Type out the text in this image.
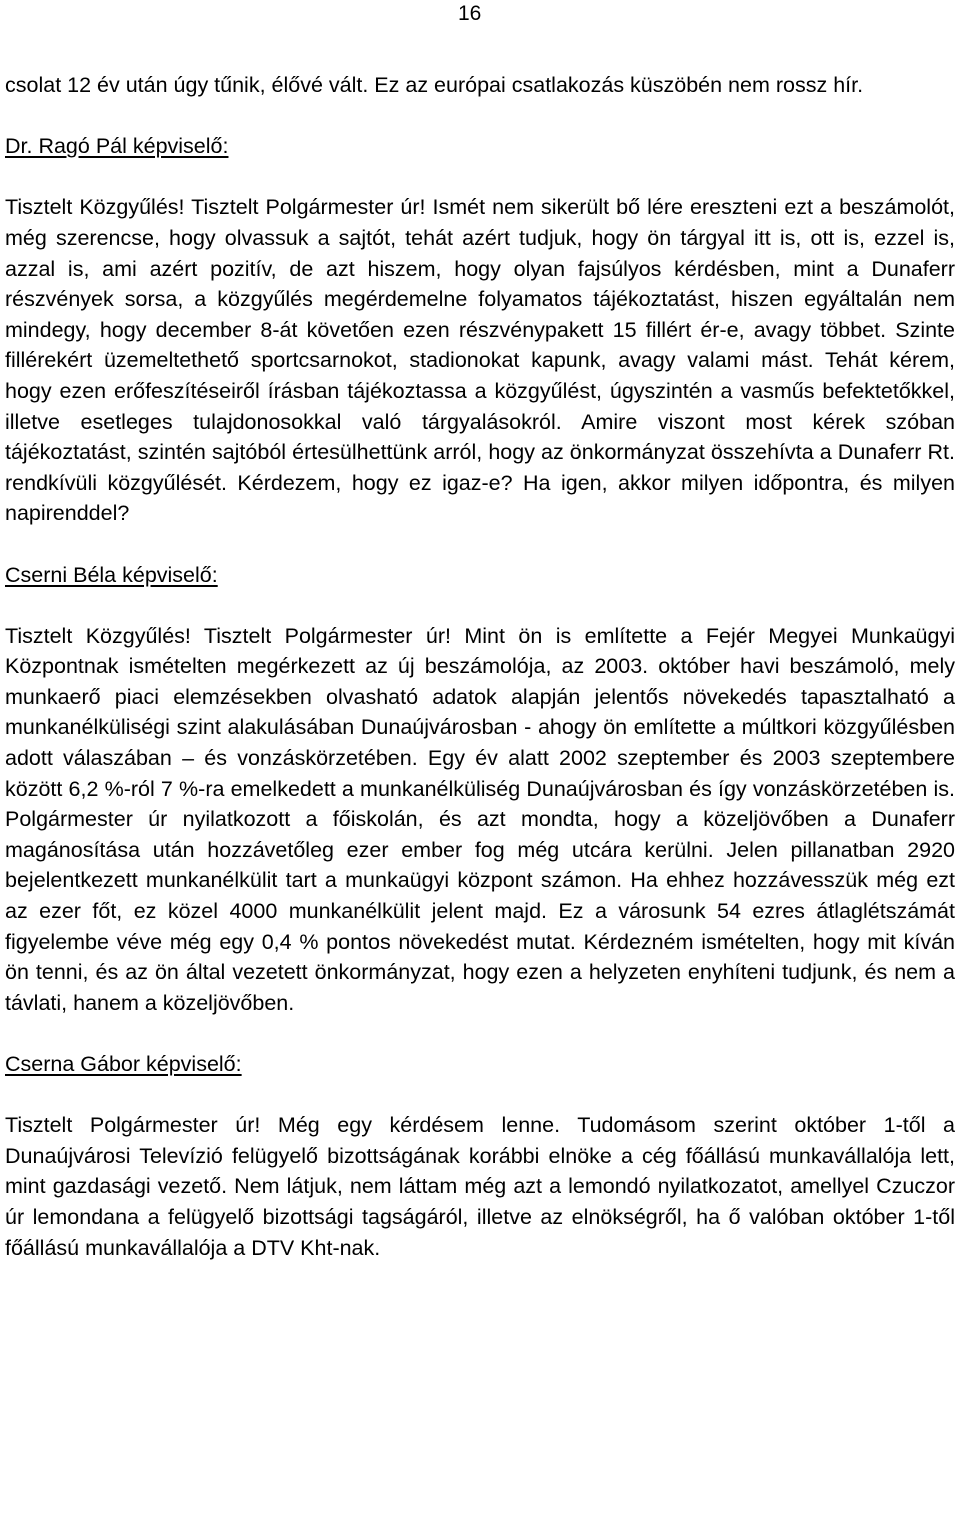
16

csolat 12 év után úgy tűnik, élővé vált. Ez az európai csatlakozás küszöbén nem rossz hír.

Dr. Ragó Pál képviselő:

Tisztelt Közgyűlés! Tisztelt Polgármester úr! Ismét nem sikerült bő lére ereszteni ezt a beszámolót, még szerencse, hogy olvassuk a sajtót, tehát azért tudjuk, hogy ön tárgyal itt is, ott is, ezzel is, azzal is, ami azért pozitív, de azt hiszem, hogy olyan fajsúlyos kérdésben, mint a Dunaferr részvények sorsa, a közgyűlés megérdemelne folyamatos tájékoztatást, hiszen egyáltalán nem mindegy, hogy december 8-át követően ezen részvénypakett 15 fillért ér-e, avagy többet. Szinte fillérekért üzemeltethető sportcsarnokot, stadionokat kapunk, avagy valami mást. Tehát kérem, hogy ezen erőfeszítéseiről írásban tájékoztassa a közgyűlést, úgyszintén a vasműs befektetőkkel, illetve esetleges tulajdonosokkal való tárgyalásokról. Amire viszont most kérek szóban tájékoztatást, szintén sajtóból értesülhettünk arról, hogy az önkormányzat összehívta a Dunaferr Rt. rendkívüli közgyűlését. Kérdezem, hogy ez igaz-e? Ha igen, akkor milyen időpontra, és milyen napirenddel?

Cserni Béla képviselő:

Tisztelt Közgyűlés! Tisztelt Polgármester úr! Mint ön is említette a Fejér Megyei Munkaügyi Központnak ismételten megérkezett az új beszámolója, az 2003. október havi beszámoló, mely munkaerő piaci elemzésekben olvasható adatok alapján jelentős növekedés tapasztalható a munkanélküliségi szint alakulásában Dunaújvárosban - ahogy ön említette a múltkori közgyűlésben adott válaszában – és vonzáskörzetében. Egy év alatt 2002 szeptember és 2003 szeptembere között 6,2 %-ról 7 %-ra emelkedett a munkanélküliség Dunaújvárosban és így vonzáskörzetében is. Polgármester úr nyilatkozott a főiskolán, és azt mondta, hogy a közeljövőben a Dunaferr magánosítása után hozzávetőleg ezer ember fog még utcára kerülni. Jelen pillanatban 2920 bejelentkezett munkanélkülit tart a munkaügyi központ számon. Ha ehhez hozzávesszük még ezt az ezer főt, ez közel 4000 munkanélkülit jelent majd. Ez a városunk 54 ezres átlaglétszámát figyelembe véve még egy 0,4 % pontos növekedést mutat. Kérdezném ismételten, hogy mit kíván ön tenni, és az ön által vezetett önkormányzat, hogy ezen a helyzeten enyhíteni tudjunk, és nem a távlati, hanem a közeljövőben.

Cserna Gábor képviselő:

Tisztelt Polgármester úr! Még egy kérdésem lenne. Tudomásom szerint október 1-től a Dunaújvárosi Televízió felügyelő bizottságának korábbi elnöke a cég főállású munkavállalója lett, mint gazdasági vezető. Nem látjuk, nem láttam még azt a lemondó nyilatkozatot, amellyel Czuczor úr lemondana a felügyelő bizottsági tagságáról, illetve az elnökségről, ha ő valóban október 1-től főállású munkavállalója a DTV Kht-nak.
